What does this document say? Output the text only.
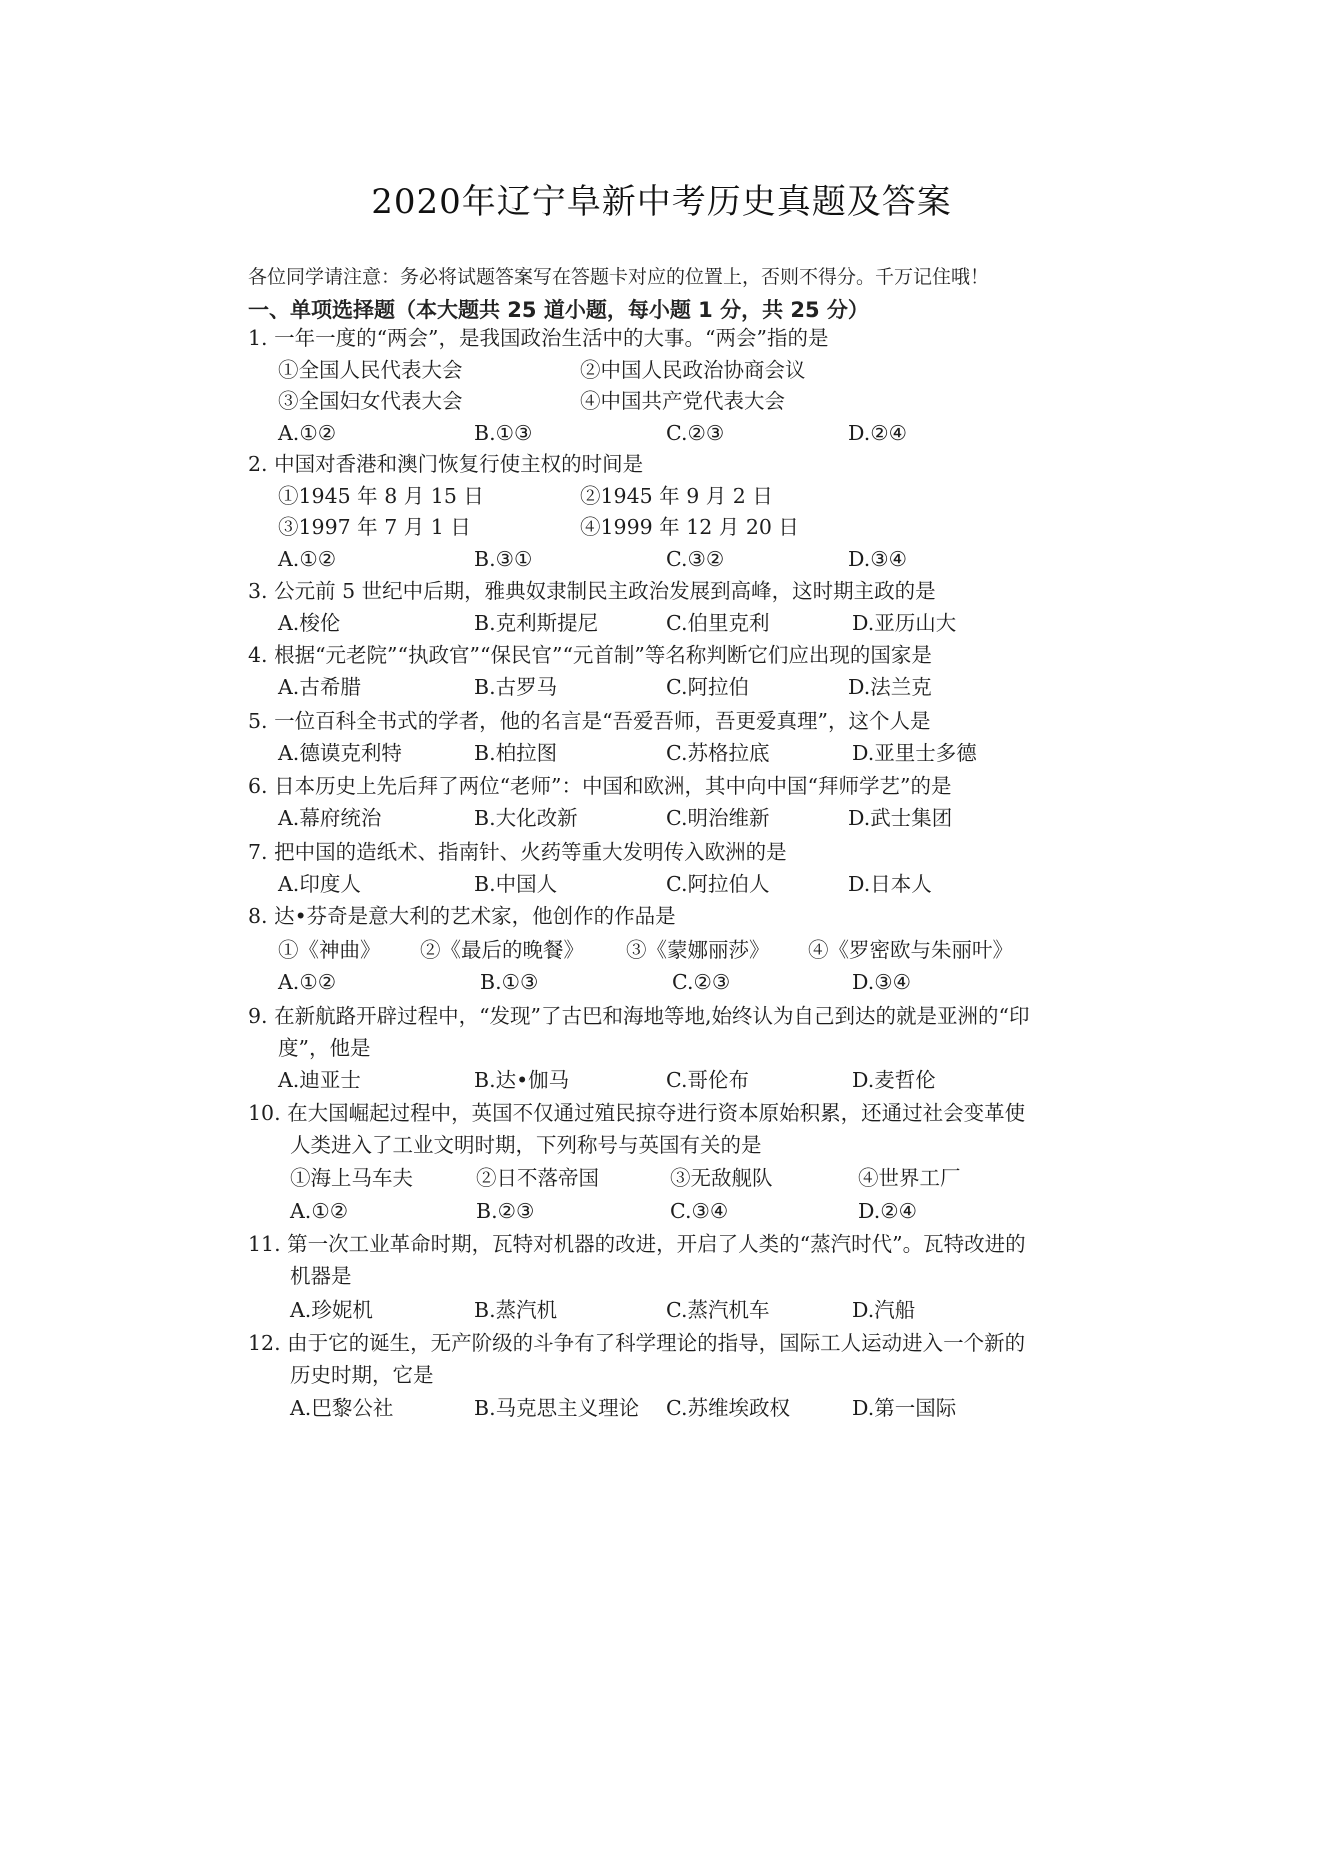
2020年辽宁阜新中考历史真题及答案
各位同学请注意：务必将试题答案写在答题卡对应的位置上，否则不得分。千万记住哦！
一、单项选择题（本大题共 25 道小题，每小题 1 分，共 25 分）
1. 一年一度的“两会”，是我国政治生活中的大事。“两会”指的是
①全国人民代表大会	②中国人民政治协商会议
③全国妇女代表大会	④中国共产党代表大会
A.①②	B.①③	C.②③	D.②④
2. 中国对香港和澳门恢复行使主权的时间是
①1945 年 8 月 15 日	②1945 年 9 月 2 日
③1997 年 7 月 1 日	④1999 年 12 月 20 日
A.①②	B.③①	C.③②	D.③④
3. 公元前 5 世纪中后期，雅典奴隶制民主政治发展到高峰，这时期主政的是
A.梭伦	B.克利斯提尼	C.伯里克利	D.亚历山大
4. 根据“元老院”“执政官”“保民官”“元首制”等名称判断它们应出现的国家是
A.古希腊	B.古罗马	C.阿拉伯	D.法兰克
5. 一位百科全书式的学者，他的名言是“吾爱吾师，吾更爱真理”，这个人是
A.德谟克利特	B.柏拉图	C.苏格拉底	D.亚里士多德
6. 日本历史上先后拜了两位“老师”：中国和欧洲，其中向中国“拜师学艺”的是
A.幕府统治	B.大化改新	C.明治维新	D.武士集团
7. 把中国的造纸术、指南针、火药等重大发明传入欧洲的是
A.印度人	B.中国人	C.阿拉伯人	D.日本人
8. 达•芬奇是意大利的艺术家，他创作的作品是
①《神曲》 ②《最后的晚餐》 ③《蒙娜丽莎》 ④《罗密欧与朱丽叶》
A.①②	B.①③	C.②③	D.③④
9. 在新航路开辟过程中，“发现”了古巴和海地等地,始终认为自己到达的就是亚洲的“印
度”，他是
A.迪亚士	B.达•伽马	C.哥伦布	D.麦哲伦
10. 在大国崛起过程中，英国不仅通过殖民掠夺进行资本原始积累，还通过社会变革使
人类进入了工业文明时期，下列称号与英国有关的是
①海上马车夫	②日不落帝国	③无敌舰队	④世界工厂
A.①②	B.②③	C.③④	D.②④
11. 第一次工业革命时期，瓦特对机器的改进，开启了人类的“蒸汽时代”。瓦特改进的
机器是
A.珍妮机	B.蒸汽机	C.蒸汽机车	D.汽船
12. 由于它的诞生，无产阶级的斗争有了科学理论的指导，国际工人运动进入一个新的
历史时期，它是
A.巴黎公社	B.马克思主义理论 C.苏维埃政权	D.第一国际
